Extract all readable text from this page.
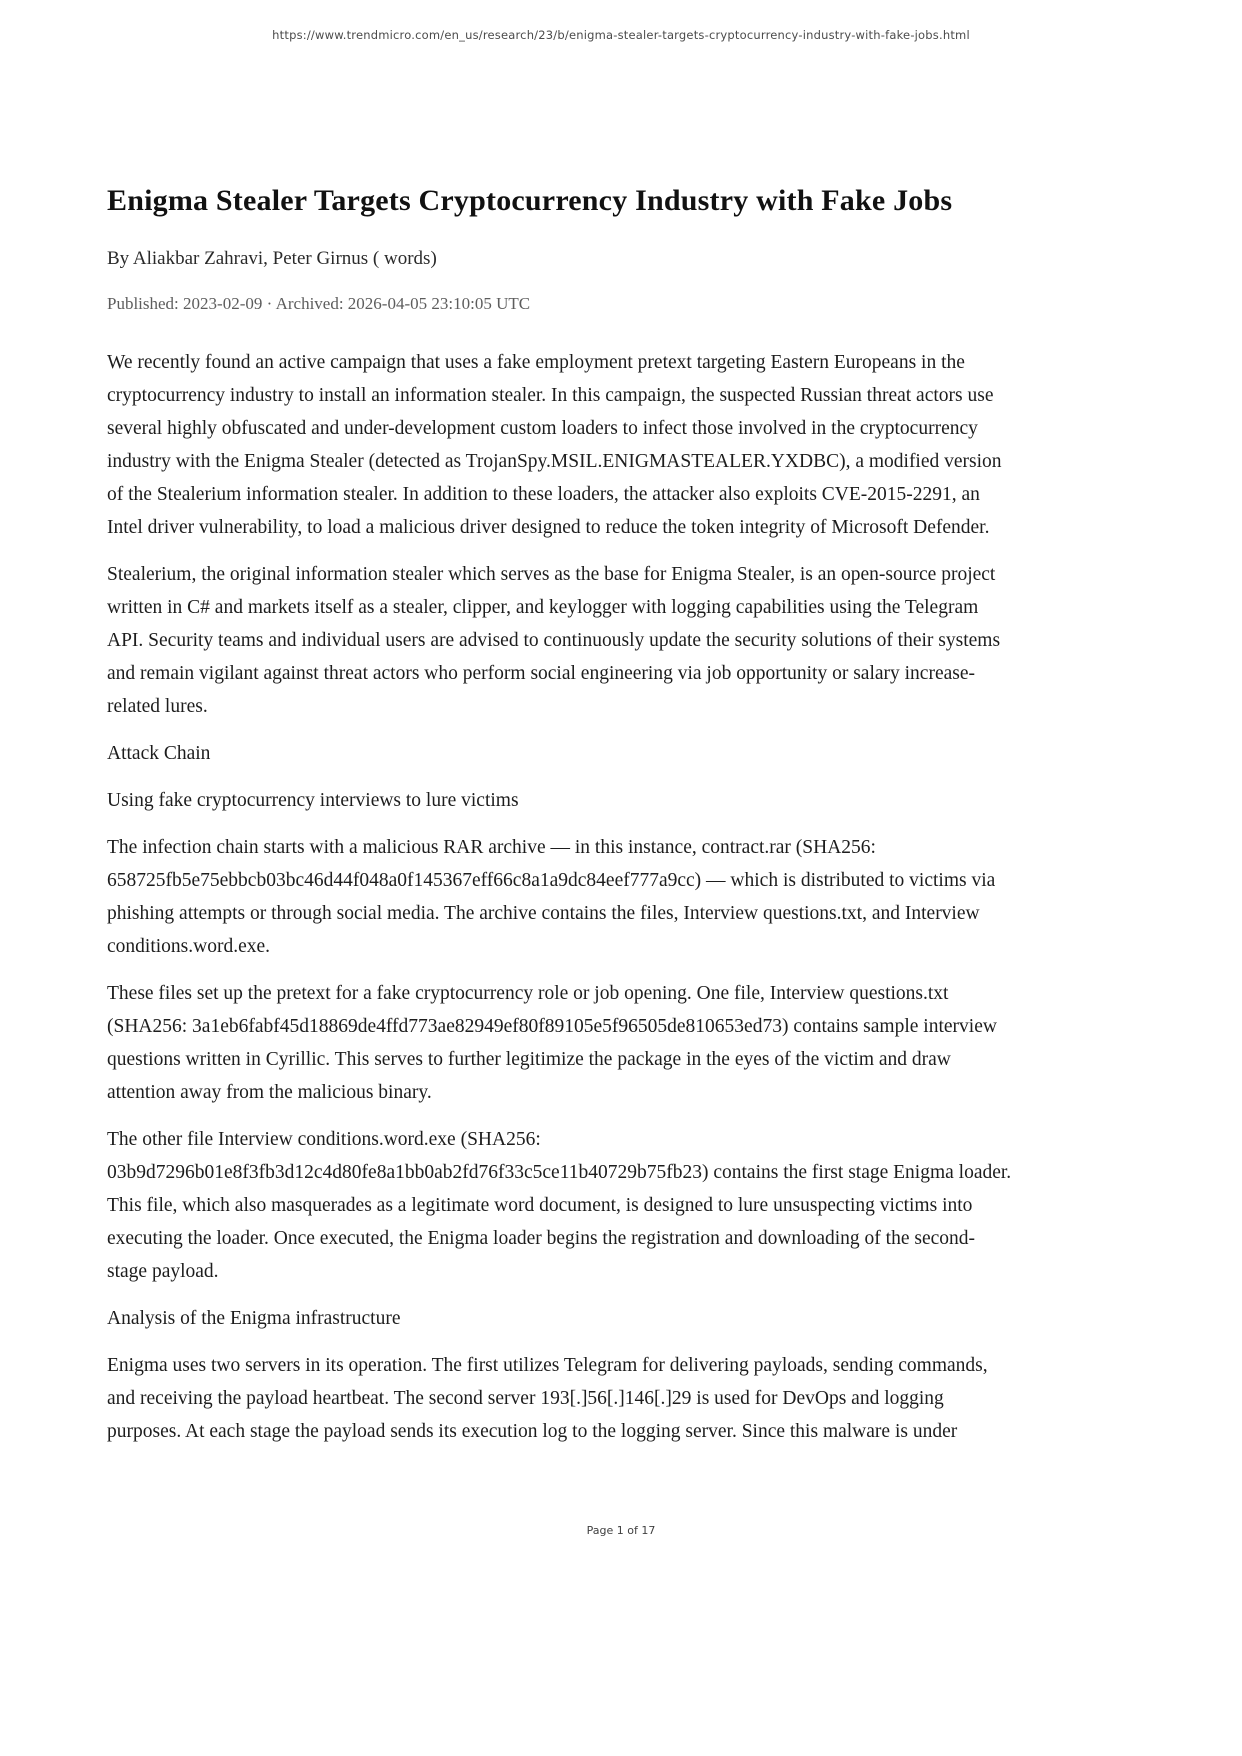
https://www.trendmicro.com/en_us/research/23/b/enigma-stealer-targets-cryptocurrency-industry-with-fake-jobs.html
Enigma Stealer Targets Cryptocurrency Industry with Fake Jobs

By Aliakbar Zahravi, Peter Girnus ( words)

Published: 2023-02-09 · Archived: 2026-04-05 23:10:05 UTC

We recently found an active campaign that uses a fake employment pretext targeting Eastern Europeans in the cryptocurrency industry to install an information stealer. In this campaign, the suspected Russian threat actors use several highly obfuscated and under-development custom loaders to infect those involved in the cryptocurrency industry with the Enigma Stealer (detected as TrojanSpy.MSIL.ENIGMASTEALER.YXDBC), a modified version of the Stealerium information stealer. In addition to these loaders, the attacker also exploits CVE-2015-2291, an Intel driver vulnerability, to load a malicious driver designed to reduce the token integrity of Microsoft Defender.

Stealerium, the original information stealer which serves as the base for Enigma Stealer, is an open-source project written in C# and markets itself as a stealer, clipper, and keylogger with logging capabilities using the Telegram API. Security teams and individual users are advised to continuously update the security solutions of their systems and remain vigilant against threat actors who perform social engineering via job opportunity or salary increase-related lures.

Attack Chain

Using fake cryptocurrency interviews to lure victims

The infection chain starts with a malicious RAR archive — in this instance, contract.rar (SHA256: 658725fb5e75ebbcb03bc46d44f048a0f145367eff66c8a1a9dc84eef777a9cc) — which is distributed to victims via phishing attempts or through social media. The archive contains the files, Interview questions.txt, and Interview conditions.word.exe.

These files set up the pretext for a fake cryptocurrency role or job opening. One file, Interview questions.txt (SHA256: 3a1eb6fabf45d18869de4ffd773ae82949ef80f89105e5f96505de810653ed73) contains sample interview questions written in Cyrillic. This serves to further legitimize the package in the eyes of the victim and draw attention away from the malicious binary.

The other file Interview conditions.word.exe (SHA256: 03b9d7296b01e8f3fb3d12c4d80fe8a1bb0ab2fd76f33c5ce11b40729b75fb23) contains the first stage Enigma loader. This file, which also masquerades as a legitimate word document, is designed to lure unsuspecting victims into executing the loader. Once executed, the Enigma loader begins the registration and downloading of the second-stage payload.

Analysis of the Enigma infrastructure

Enigma uses two servers in its operation. The first utilizes Telegram for delivering payloads, sending commands, and receiving the payload heartbeat. The second server 193[.]56[.]146[.]29 is used for DevOps and logging purposes. At each stage the payload sends its execution log to the logging server. Since this malware is under

Page 1 of 17
